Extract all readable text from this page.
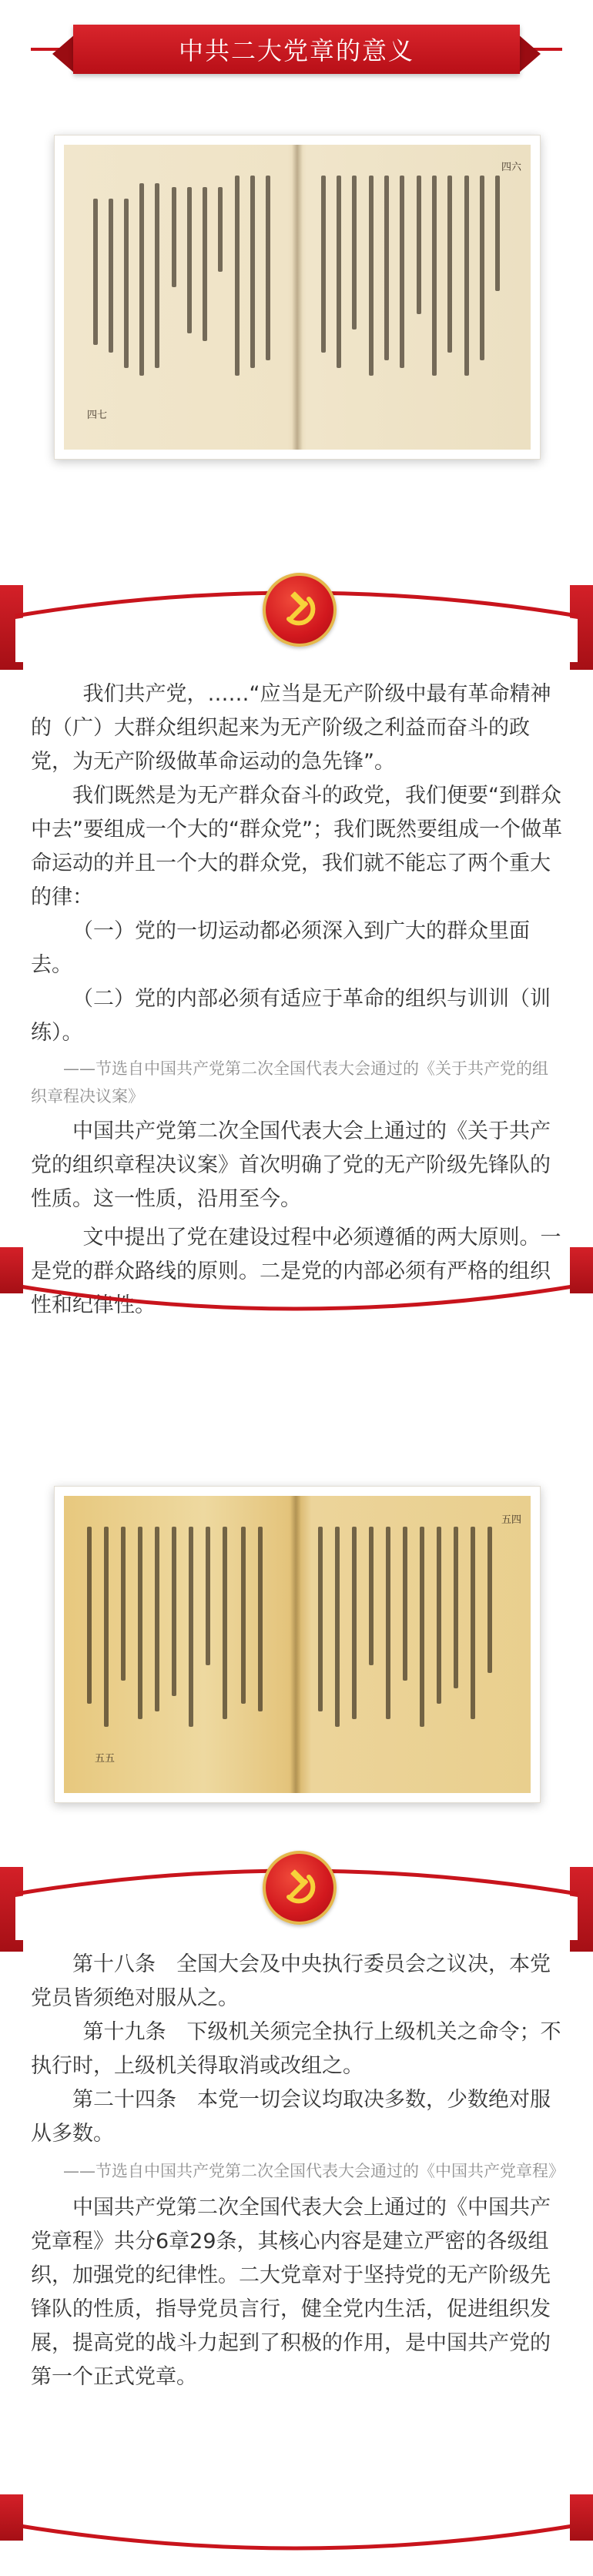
中共二大党章的意义
四七
四六

我们共产党，……“应当是无产阶级中最有革命精神的（广）大群众组织起来为无产阶级之利益而奋斗的政党，为无产阶级做革命运动的急先锋”。

我们既然是为无产群众奋斗的政党，我们便要“到群众中去”要组成一个大的“群众党”；我们既然要组成一个做革命运动的并且一个大的群众党，我们就不能忘了两个重大的律：

（一）党的一切运动都必须深入到广大的群众里面去。

（二）党的内部必须有适应于革命的组织与训训（训练）。

——节选自中国共产党第二次全国代表大会通过的《关于共产党的组织章程决议案》

中国共产党第二次全国代表大会上通过的《关于共产党的组织章程决议案》首次明确了党的无产阶级先锋队的性质。这一性质，沿用至今。

文中提出了党在建设过程中必须遵循的两大原则。一是党的群众路线的原则。二是党的内部必须有严格的组织性和纪律性。

五五
五四

第十八条　全国大会及中央执行委员会之议决，本党党员皆须绝对服从之。

第十九条　下级机关须完全执行上级机关之命令；不执行时，上级机关得取消或改组之。

第二十四条　本党一切会议均取决多数，少数绝对服从多数。

——节选自中国共产党第二次全国代表大会通过的《中国共产党章程》

中国共产党第二次全国代表大会上通过的《中国共产党章程》共分6章29条，其核心内容是建立严密的各级组织，加强党的纪律性。二大党章对于坚持党的无产阶级先锋队的性质，指导党员言行，健全党内生活，促进组织发展，提高党的战斗力起到了积极的作用，是中国共产党的第一个正式党章。
